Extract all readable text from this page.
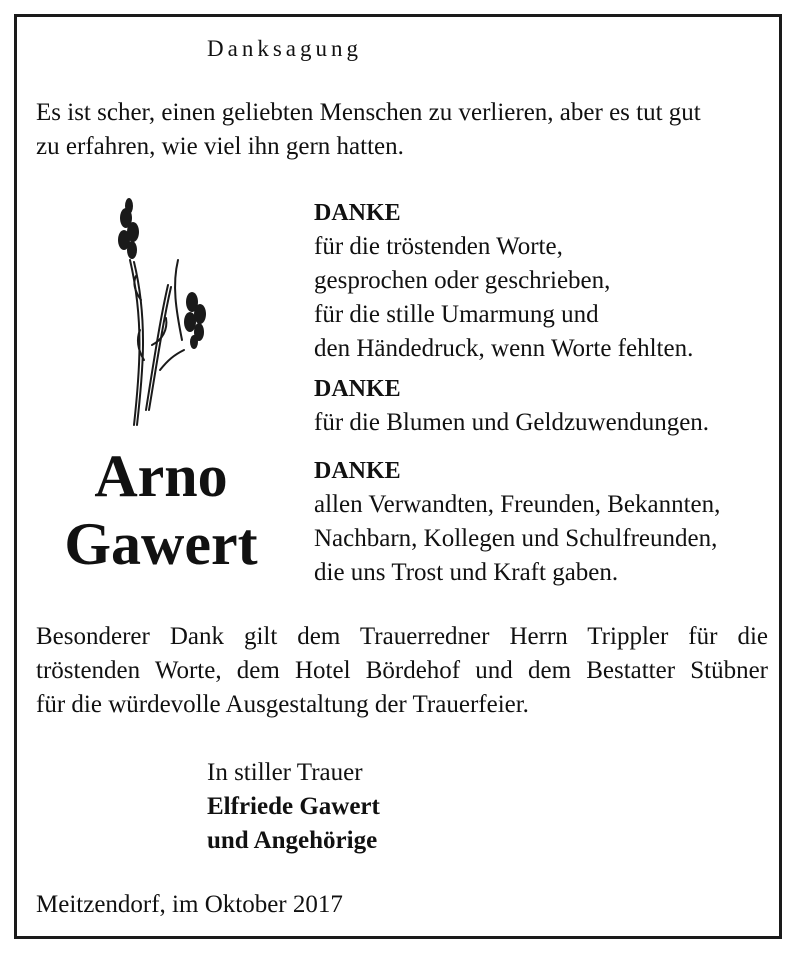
Danksagung
Es ist scher, einen geliebten Menschen zu verlieren, aber es tut gut
zu erfahren, wie viel ihn gern hatten.
Arno
Gawert
DANKE
für die tröstenden Worte,
gesprochen oder geschrieben,
für die stille Umarmung und
den Händedruck, wenn Worte fehlten.
DANKE
für die Blumen und Geldzuwendungen.
DANKE
allen Verwandten, Freunden, Bekannten,
Nachbarn, Kollegen und Schulfreunden,
die uns Trost und Kraft gaben.
Besonderer Dank gilt dem Trauerredner Herrn Trippler für die
tröstenden Worte, dem Hotel Bördehof und dem Bestatter Stübner
für die würdevolle Ausgestaltung der Trauerfeier.
In stiller Trauer
Elfriede Gawert
und Angehörige
Meitzendorf, im Oktober 2017
